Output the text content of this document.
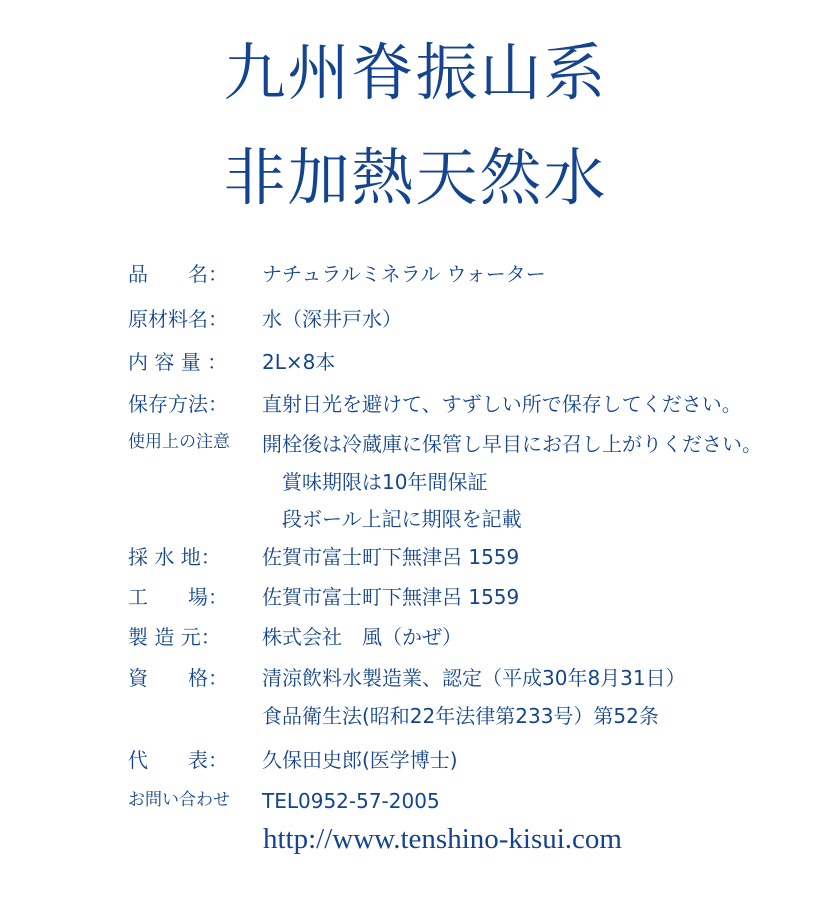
九州脊振山系
非加熱天然水
品　　名： ナチュラルミネラル ウォーター
原材料名： 水（深井戸水）
内 容 量 ： 2L×8本
保存方法： 直射日光を避けて、すずしい所で保存してください。
使用上の注意 開栓後は冷蔵庫に保管し早目にお召し上がりください。
賞味期限は10年間保証
段ボール上記に期限を記載
採 水 地： 佐賀市富士町下無津呂 1559
工　　場： 佐賀市富士町下無津呂 1559
製 造 元： 株式会社　風（かぜ）
資　　格： 清涼飲料水製造業、認定（平成30年8月31日）
食品衛生法(昭和22年法律第233号）第52条
代　　表： 久保田史郎(医学博士)
お問い合わせ TEL0952-57-2005
http://www.tenshino-kisui.com
